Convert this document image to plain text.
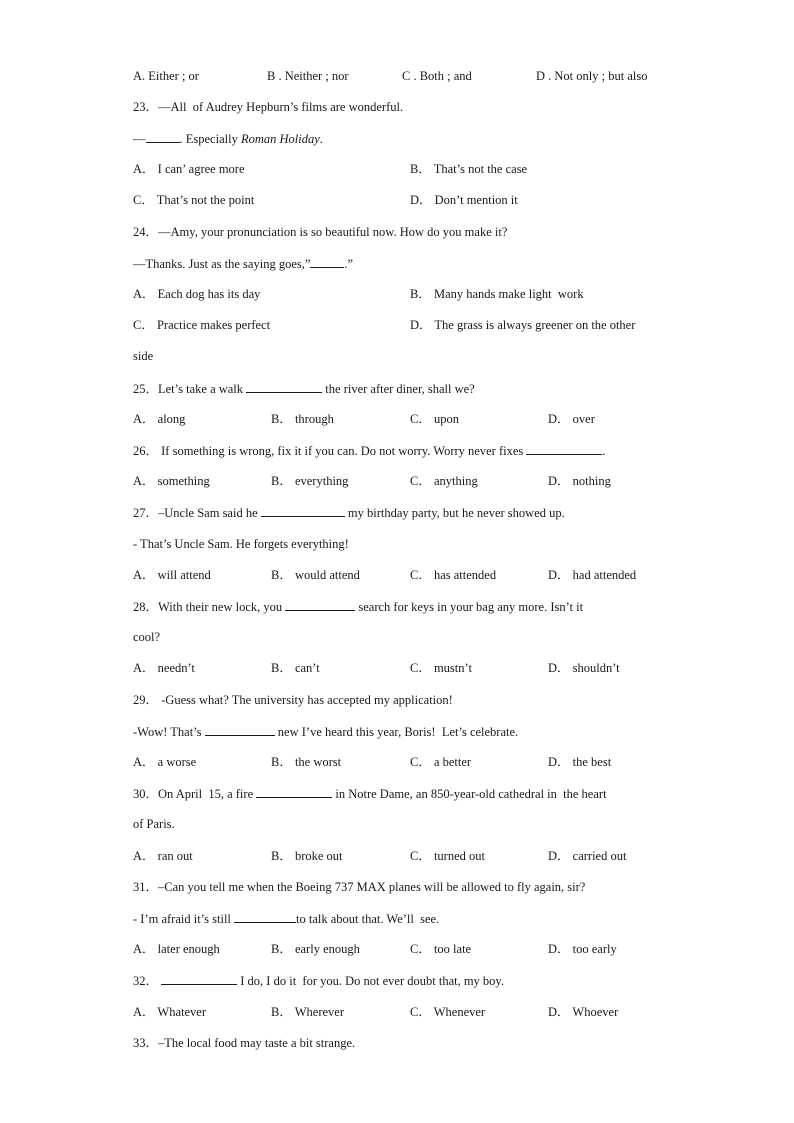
A. Either ; or	B . Neither ; nor	C . Both ; and	D . Not only ; but also
23．—All  of Audrey Hepburn’s films are wonderful.
—	. Especially Roman Holiday.
A． I can’ agree more	B． That’s not the case
C． That’s not the point	D． Don’t mention it
24．—Amy, your pronunciation is so beautiful now. How do you make it?
—Thanks. Just as the saying goes,”	.”
A． Each dog has its day	B． Many hands make light  work
C． Practice makes perfect	D． The grass is always greener on the other
side
25．Let’s take a walk	the river after diner, shall we?
A． along	B． through	C． upon	D． over
26． If something is wrong, fix it if you can. Do not worry. Worry never fixes	.
A． something	B． everything	C． anything	D． nothing
27．–Uncle Sam said he	my birthday party, but he never showed up.
- That’s Uncle Sam. He forgets everything!
A． will attend	B． would attend	C． has attended	D． had attended
28．With their new lock, you	search for keys in your bag any more. Isn’t it
cool?
A． needn’t	B． can’t	C． mustn’t	D． shouldn’t
29． -Guess what? The university has accepted my application!
-Wow! That’s	new I’ve heard this year, Boris!  Let’s celebrate.
A． a worse	B． the worst	C． a better	D． the best
30．On April  15, a fire	in Notre Dame, an 850-year-old cathedral in  the heart
of Paris.
A． ran out	B． broke out	C． turned out	D． carried out
31．–Can you tell me when the Boeing 737 MAX planes will be allowed to fly again, sir?
- I’m afraid it’s still	to talk about that. We’ll  see.
A． later enough	B． early enough	C． too late	D． too early
32．	I do, I do it  for you. Do not ever doubt that, my boy.
A． Whatever	B． Wherever	C． Whenever	D． Whoever
33．–The local food may taste a bit strange.
